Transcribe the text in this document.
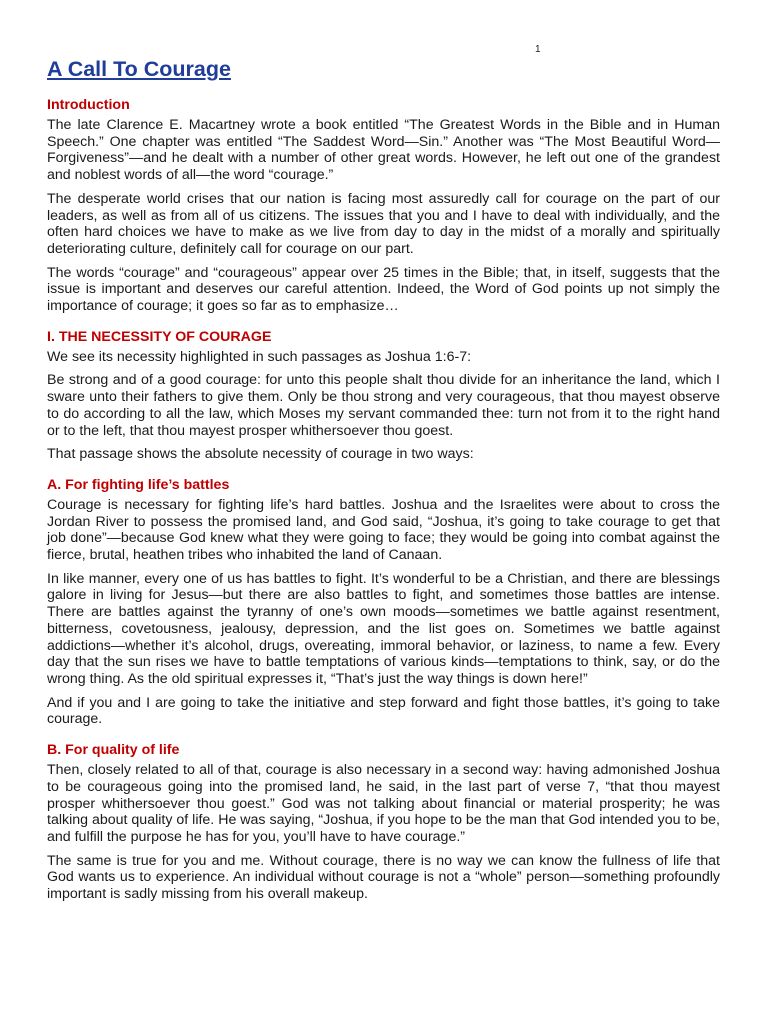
1
A Call To Courage
Introduction

The late Clarence E. Macartney wrote a book entitled “The Greatest Words in the Bible and in Human Speech.” One chapter was entitled “The Saddest Word—Sin.” Another was “The Most Beautiful Word—Forgiveness”—and he dealt with a number of other great words. However, he left out one of the grandest and noblest words of all—the word “courage.”

The desperate world crises that our nation is facing most assuredly call for courage on the part of our leaders, as well as from all of us citizens. The issues that you and I have to deal with individually, and the often hard choices we have to make as we live from day to day in the midst of a morally and spiritually deteriorating culture, definitely call for courage on our part.

The words “courage” and “courageous” appear over 25 times in the Bible; that, in itself, suggests that the issue is important and deserves our careful attention. Indeed, the Word of God points up not simply the importance of courage; it goes so far as to emphasize…

I. THE NECESSITY OF COURAGE

We see its necessity highlighted in such passages as Joshua 1:6-7:

Be strong and of a good courage: for unto this people shalt thou divide for an inheritance the land, which I sware unto their fathers to give them. Only be thou strong and very courageous, that thou mayest observe to do according to all the law, which Moses my servant commanded thee: turn not from it to the right hand or to the left, that thou mayest prosper whithersoever thou goest.

That passage shows the absolute necessity of courage in two ways:

A. For fighting life’s battles

Courage is necessary for fighting life’s hard battles. Joshua and the Israelites were about to cross the Jordan River to possess the promised land, and God said, “Joshua, it’s going to take courage to get that job done”—because God knew what they were going to face; they would be going into combat against the fierce, brutal, heathen tribes who inhabited the land of Canaan.

In like manner, every one of us has battles to fight. It’s wonderful to be a Christian, and there are blessings galore in living for Jesus—but there are also battles to fight, and sometimes those battles are intense. There are battles against the tyranny of one’s own moods—sometimes we battle against resentment, bitterness, covetousness, jealousy, depression, and the list goes on. Sometimes we battle against addictions—whether it’s alcohol, drugs, overeating, immoral behavior, or laziness, to name a few. Every day that the sun rises we have to battle temptations of various kinds—temptations to think, say, or do the wrong thing. As the old spiritual expresses it, “That’s just the way things is down here!”

And if you and I are going to take the initiative and step forward and fight those battles, it’s going to take courage.

B. For quality of life

Then, closely related to all of that, courage is also necessary in a second way: having admonished Joshua to be courageous going into the promised land, he said, in the last part of verse 7, “that thou mayest prosper whithersoever thou goest.” God was not talking about financial or material prosperity; he was talking about quality of life. He was saying, “Joshua, if you hope to be the man that God intended you to be, and fulfill the purpose he has for you, you’ll have to have courage.”

The same is true for you and me. Without courage, there is no way we can know the fullness of life that God wants us to experience. An individual without courage is not a “whole” person—something profoundly important is sadly missing from his overall makeup.
